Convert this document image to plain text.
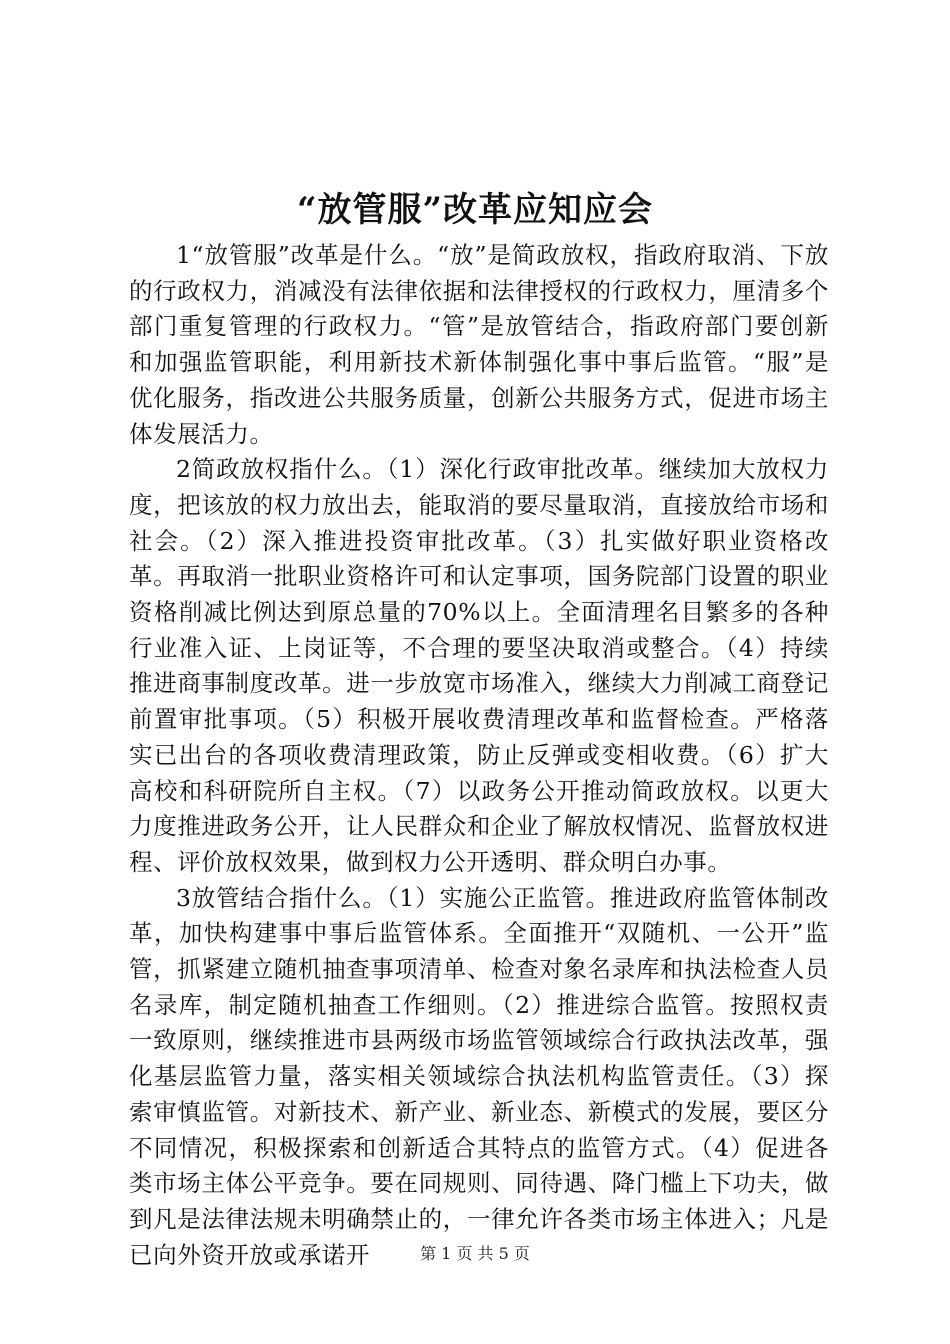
“放管服”改革应知应会

1“放管服”改革是什么。“放”是简政放权，指政府取消、下放的行政权力，消减没有法律依据和法律授权的行政权力，厘清多个部门重复管理的行政权力。“管”是放管结合，指政府部门要创新和加强监管职能，利用新技术新体制强化事中事后监管。“服”是优化服务，指改进公共服务质量，创新公共服务方式，促进市场主体发展活力。

2简政放权指什么。（1）深化行政审批改革。继续加大放权力度，把该放的权力放出去，能取消的要尽量取消，直接放给市场和社会。（2）深入推进投资审批改革。（3）扎实做好职业资格改革。再取消一批职业资格许可和认定事项，国务院部门设置的职业资格削减比例达到原总量的70%以上。全面清理名目繁多的各种行业准入证、上岗证等，不合理的要坚决取消或整合。（4）持续推进商事制度改革。进一步放宽市场准入，继续大力削减工商登记前置审批事项。（5）积极开展收费清理改革和监督检查。严格落实已出台的各项收费清理政策，防止反弹或变相收费。（6）扩大高校和科研院所自主权。（7）以政务公开推动简政放权。以更大力度推进政务公开，让人民群众和企业了解放权情况、监督放权进程、评价放权效果，做到权力公开透明、群众明白办事。

3放管结合指什么。（1）实施公正监管。推进政府监管体制改革，加快构建事中事后监管体系。全面推开“双随机、一公开”监管，抓紧建立随机抽查事项清单、检查对象名录库和执法检查人员名录库，制定随机抽查工作细则。（2）推进综合监管。按照权责一致原则，继续推进市县两级市场监管领域综合行政执法改革，强化基层监管力量，落实相关领域综合执法机构监管责任。（3）探索审慎监管。对新技术、新产业、新业态、新模式的发展，要区分不同情况，积极探索和创新适合其特点的监管方式。（4）促进各类市场主体公平竞争。要在同规则、同待遇、降门槛上下功夫，做到凡是法律法规未明确禁止的，一律允许各类市场主体进入；凡是已向外资开放或承诺开	第 1 页 共 5 页
